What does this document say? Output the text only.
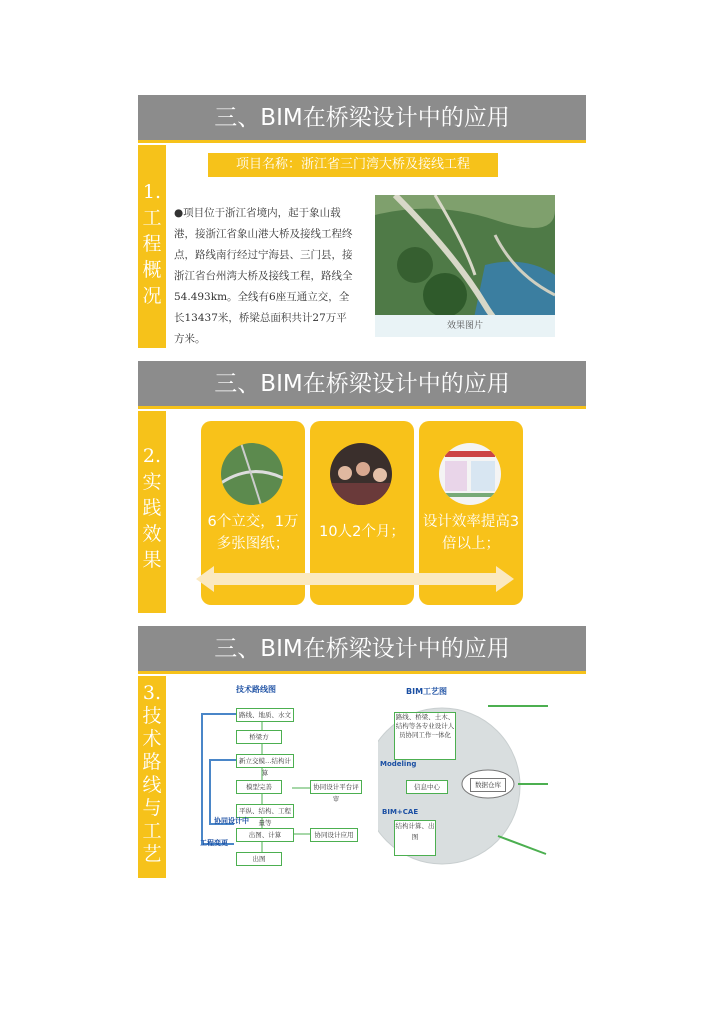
三、BIM在桥梁设计中的应用
1.
工
程
概
况
项目名称：浙江省三门湾大桥及接线工程
●项目位于浙江省境内，起于象山载港，接浙江省象山港大桥及接线工程终点，路线南行经过宁海县、三门县，接浙江省台州湾大桥及接线工程，路线全54.493km。全线有6座互通立交，全长13437米，桥梁总面积共计27万平方米。
效果图片
三、BIM在桥梁设计中的应用
2.
实
践
效
果
6个立交，1万多张图纸；
10人2个月；
设计效率提高3倍以上；
三、BIM在桥梁设计中的应用
3.
技
术
路
线
与
工
艺
技术路线图
路线、地质、水文
桥梁方
新立交模…结构计算
模型完善
平纵、结构、工程量等
出图、计算
出图
协同设计平台评审
协同设计应用
协同设计中
工程变更
BIM工艺图
路线、桥梁、土木、结构等各专业设计人员协同工作一体化
Modeling
信息中心	数据仓库
BIM+CAE
结构计算、出图
